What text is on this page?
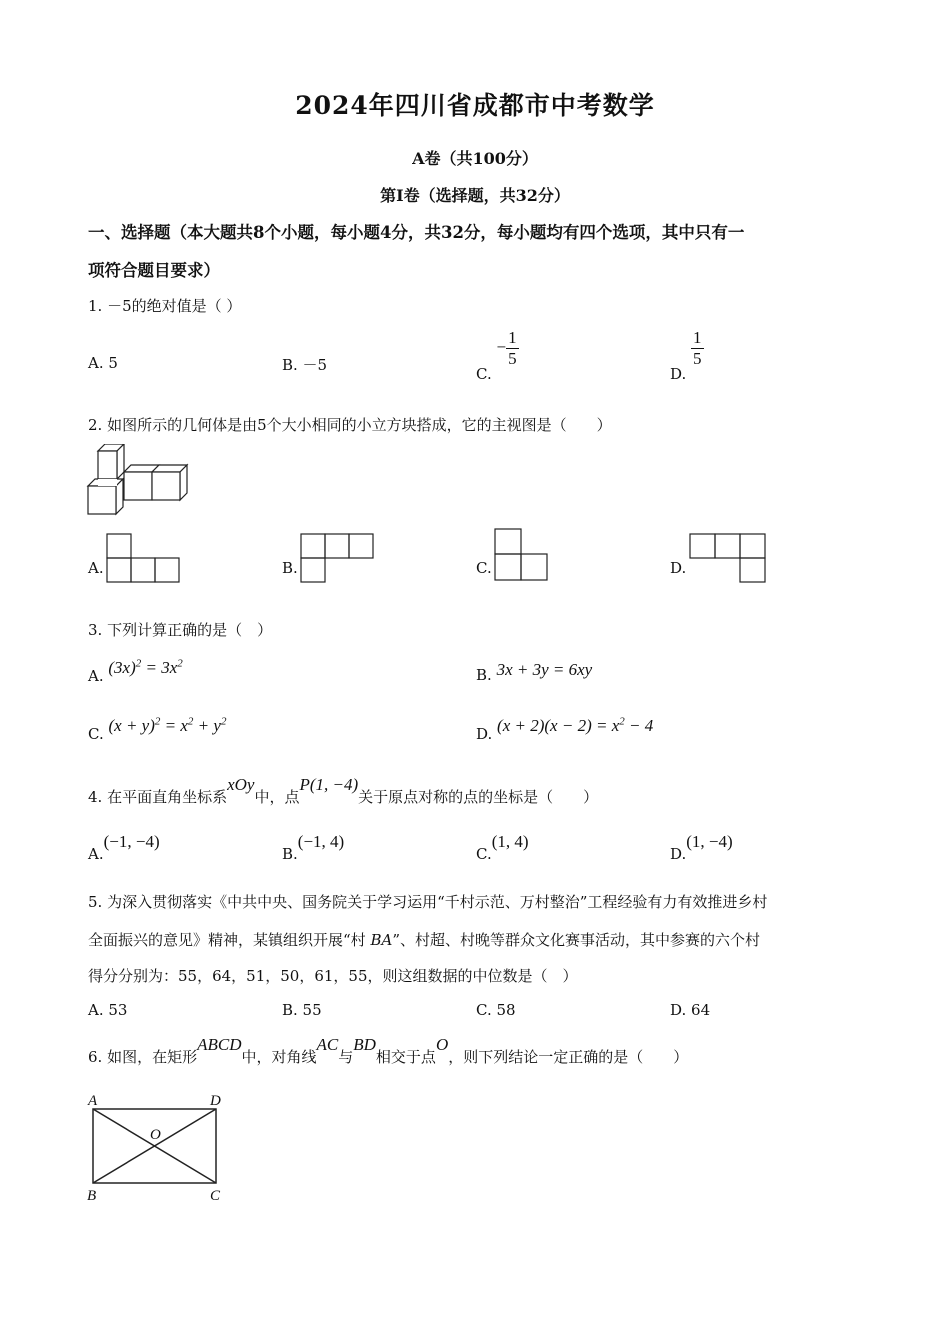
2024年四川省成都市中考数学
A卷（共100分）
第I卷（选择题，共32分）
一、选择题（本大题共8个小题，每小题4分，共32分，每小题均有四个选项，其中只有一
项符合题目要求）
1. －5的绝对值是（ ）
A. 5	B. －5	C. − $\frac{1}{5}$
D.
$\frac{1}{5}$
2. 如图所示的几何体是由5个大小相同的小立方块搭成，它的主视图是（　　）
A.	B.	C.	D.
3. 下列计算正确的是（　）
A. $(3x)^2 = 3x^2$
B. 3x + 3y = 6xy
C. $(x + y)^2 = x^2 + y^2$
D. $(x + 2)(x - 2) = x^2 - 4$
4. 在平面直角坐标系xOy中，点P(1, −4)关于原点对称的点的坐标是（　　）
A.(−1, −4)
B.(−1, 4)
C.(1, 4)
D.(1, −4)
5. 为深入贯彻落实《中共中央、国务院关于学习运用“千村示范、万村整治”工程经验有力有效推进乡村
全面振兴的意见》精神，某镇组织开展“村 BA”、村超、村晚等群众文化赛事活动，其中参赛的六个村
得分分别为：55，64，51，50，61，55，则这组数据的中位数是（　）
A. 53	B. 55	C. 58	D. 64
6. 如图，在矩形ABCD中，对角线AC与BD相交于点O，则下列结论一定正确的是（　　）
A	D
B	C
O
